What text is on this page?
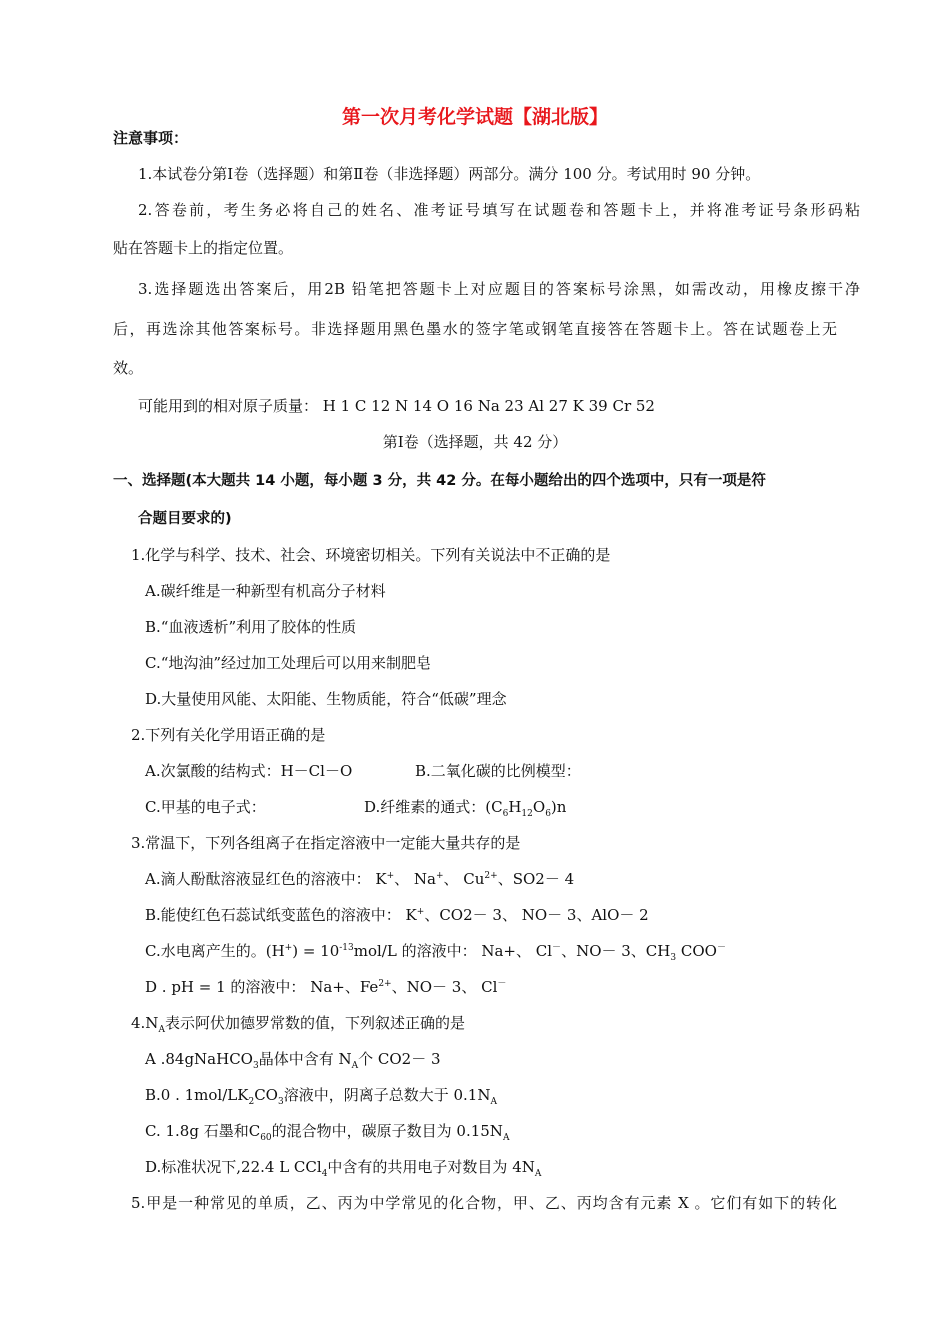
第一次月考化学试题【湖北版】
注意事项：
1.本试卷分第Ⅰ卷（选择题）和第Ⅱ卷（非选择题）两部分。满分 100 分。考试用时 90 分钟。
2.答卷前，考生务必将自己的姓名、准考证号填写在试题卷和答题卡上，并将准考证号条形码粘
贴在答题卡上的指定位置。
3.选择题选出答案后，用2B 铅笔把答题卡上对应题目的答案标号涂黑，如需改动，用橡皮擦干净
后，再选涂其他答案标号。非选择题用黑色墨水的签字笔或钢笔直接答在答题卡上。答在试题卷上无
效。
可能用到的相对原子质量： H 1 C 12 N 14 O 16 Na 23 Al 27 K 39 Cr 52
第Ⅰ卷（选择题，共 42 分）
一、选择题(本大题共 14 小题，每小题 3 分，共 42 分。在每小题给出的四个选项中，只有一项是符
合题目要求的)
1.化学与科学、技术、社会、环境密切相关。下列有关说法中不正确的是
A.碳纤维是一种新型有机高分子材料
B.“血液透析”利用了胶体的性质
C.“地沟油”经过加工处理后可以用来制肥皂
D.大量使用风能、太阳能、生物质能，符合“低碳”理念
2.下列有关化学用语正确的是
A.次氯酸的结构式：H－Cl－O	B.二氧化碳的比例模型：
C.甲基的电子式：	D.纤维素的通式：$(C_6H_{12}O_6)n$
3.常温下，下列各组离子在指定溶液中一定能大量共存的是
A.滴人酚酞溶液显红色的溶液中： K+、 Na+、 $Cu^{2+}$、SO2－ 4
B.能使红色石蕊试纸变蓝色的溶液中： K+、CO2－ 3、 NO－ 3、AlO－ 2
C.水电离产生的。$(H^+) = 10^{-13}mol/L$ 的溶液中： Na+、 Cl－、NO－ 3、$CH_3$ COO－
D . pH = 1 的溶液中： Na+、$Fe^{2+}$、NO－ 3、 Cl－
$4.N_A$表示阿伏加德罗常数的值，下列叙述正确的是
A .84gNaHCO$_3$晶体中含有 $N_A$个 CO2－ 3
B.0 . $1mol/LK_2CO_3$溶液中，阴离子总数大于 $0.1N_A$
C. 1.8g 石墨和$C_{60}$的混合物中，碳原子数目为 $0.15N_A$
D.标准状况下,22.4 L CCl$_4$中含有的共用电子对数目为 $4N_A$
5.甲是一种常见的单质，乙、丙为中学常见的化合物，甲、乙、丙均含有元素 X 。它们有如下的转化
